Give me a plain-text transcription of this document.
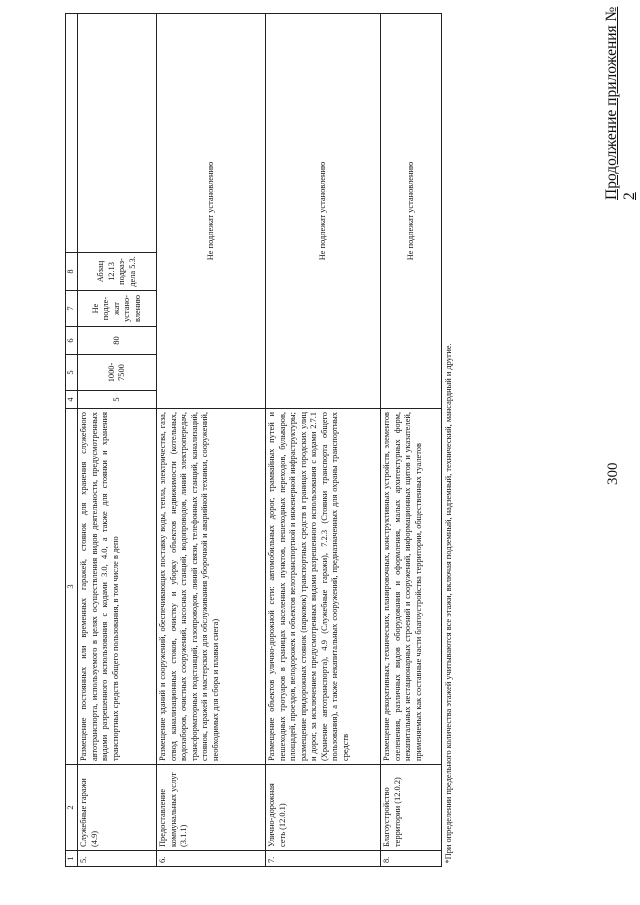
300
Продолжение приложения № 2
1	2	3	4	5	6	7	8	
5.	Служебные гаражи (4.9)	Размещение постоянных или временных гаражей, стоянок для хранения служебного автотранспорта, используемого в целях осуществления видов деятельности, предусмотренных видами разрешенного использования с кодами 3.0, 4.0, а также для стоянки и хранения транспортных средств общего пользования, в том числе в депо	5	1000-7500	80	Не подле-жат устано-влению	Абзац 12.13 подраз-дела 5.3.	
6.	Предоставление коммунальных услуг (3.1.1)	Размещение зданий и сооружений, обеспечивающих поставку воды, тепла, электричества, газа, отвод канализационных стоков, очистку и уборку объектов недвижимости (котельных, водозаборов, очистных сооружений, насосных станций, водопроводов, линий электропередач, трансформаторных подстанций, газопроводов, линий связи, телефонных станций, канализаций, стоянок, гаражей и мастерских для обслуживания уборочной и аварийной техники, сооружений, необходимых для сбора и плавки снега)	Не подлежат установлению					
7.	Улично-дорожная сеть (12.0.1)	Размещение объектов улично-дорожной сети: автомобильных дорог, трамвайных путей и пешеходных тротуаров в границах населенных пунктов, пешеходных переходов, бульваров, площадей, проездов, велодорожек и объектов велотранспортной и инженерной инфраструктуры; размещение придорожных стоянок (парковок) транспортных средств в границах городских улиц и дорог, за исключением предусмотренных видами разрешенного использования с кодами 2.7.1 (Хранение автотранспорта), 4.9 (Служебные гаражи), 7.2.3 (Стоянки транспорта общего пользования), а также некапитальных сооружений, предназначенных для охраны транспортных средств	Не подлежат установлению					
8.	Благоустройство территории (12.0.2)	Размещение декоративных, технических, планировочных, конструктивных устройств, элементов озеленения, различных видов оборудования и оформления, малых архитектурных форм, некапитальных нестационарных строений и сооружений, информационных щитов и указателей, применяемых как составные части благоустройства территории, общественных туалетов	Не подлежат установлению					
*При определении предельного количества этажей учитываются все этажи, включая подземный, надземный, технический, мансардный и другие.								
